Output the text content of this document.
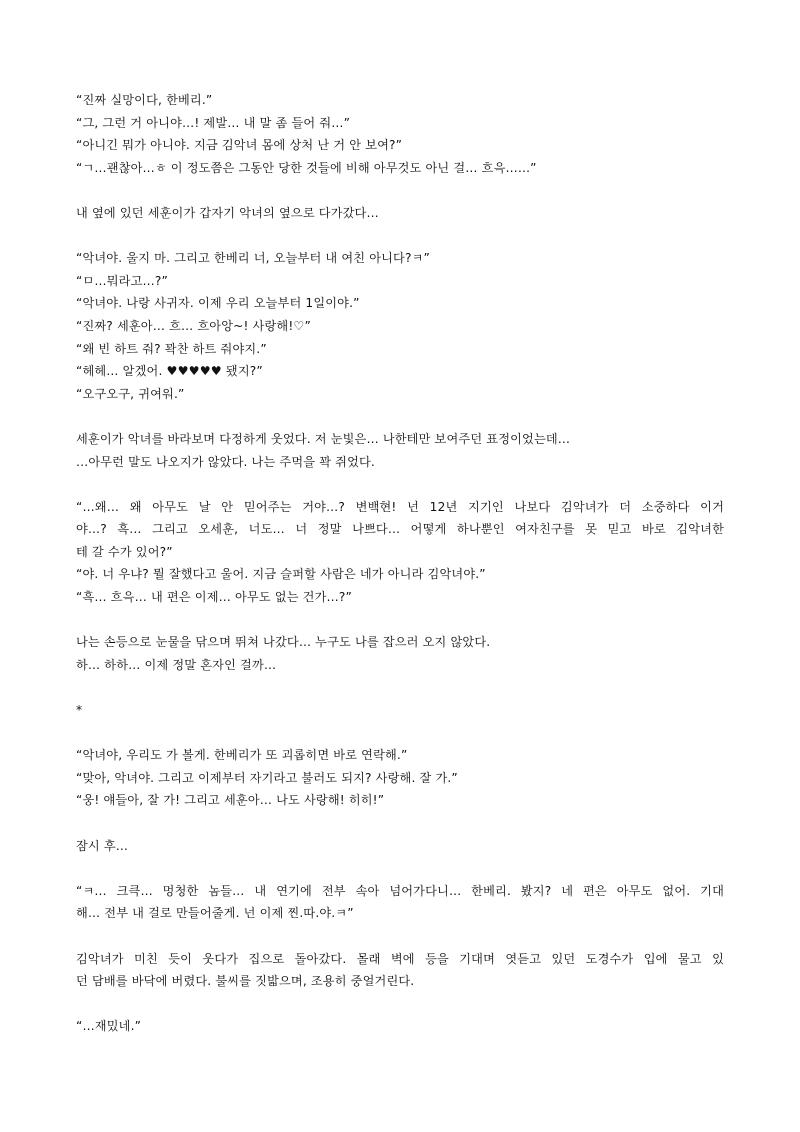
“진짜 실망이다, 한베리.”
“그, 그런 거 아니야…! 제발… 내 말 좀 들어 줘…”
“아니긴 뭐가 아니야. 지금 김악녀 몸에 상처 난 거 안 보여?”
“ㄱ…괜찮아…ㅎ 이 정도쯤은 그동안 당한 것들에 비해 아무것도 아닌 걸… 흐윽……”
내 옆에 있던 세훈이가 갑자기 악녀의 옆으로 다가갔다…
“악녀야. 울지 마. 그리고 한베리 너, 오늘부터 내 여친 아니다?ㅋ”
“ㅁ…뭐라고…?”
“악녀야. 나랑 사귀자. 이제 우리 오늘부터 1일이야.”
“진짜? 세훈아… 흐… 흐아앙~! 사랑해!♡”
“왜 빈 하트 줘? 꽉찬 하트 줘야지.”
“헤헤… 알겠어. ♥♥♥♥♥ 됐지?”
“오구오구, 귀여워.”
세훈이가 악녀를 바라보며 다정하게 웃었다. 저 눈빛은… 나한테만 보여주던 표정이었는데…
…아무런 말도 나오지가 않았다. 나는 주먹을 꽉 쥐었다.
“…왜… 왜 아무도 날 안 믿어주는 거야…? 변백현! 넌 12년 지기인 나보다 김악녀가 더 소중하다 이거
야…? 흑… 그리고 오세훈, 너도… 너 정말 나쁘다… 어떻게 하나뿐인 여자친구를 못 믿고 바로 김악녀한
테 갈 수가 있어?”
“야. 너 우냐? 뭘 잘했다고 울어. 지금 슬퍼할 사람은 네가 아니라 김악녀야.”
“흑… 흐윽… 내 편은 이제… 아무도 없는 건가…?”
나는 손등으로 눈물을 닦으며 뛰쳐 나갔다… 누구도 나를 잡으러 오지 않았다.
하… 하하… 이제 정말 혼자인 걸까…
*
“악녀야, 우리도 가 볼게. 한베리가 또 괴롭히면 바로 연락해.”
“맞아, 악녀야. 그리고 이제부터 자기라고 불러도 되지? 사랑해. 잘 가.”
“웅! 얘들아, 잘 가! 그리고 세훈아… 나도 사랑해! 히히!”
잠시 후…
“ㅋ… 크큭… 멍청한 놈들… 내 연기에 전부 속아 넘어가다니… 한베리. 봤지? 네 편은 아무도 없어. 기대
해… 전부 내 걸로 만들어줄게. 넌 이제 찐.따.야.ㅋ”
김악녀가 미친 듯이 웃다가 집으로 돌아갔다. 몰래 벽에 등을 기대며 엿듣고 있던 도경수가 입에 물고 있
던 담배를 바닥에 버렸다. 불씨를 짓밟으며, 조용히 중얼거린다.
“…재밌네.”
